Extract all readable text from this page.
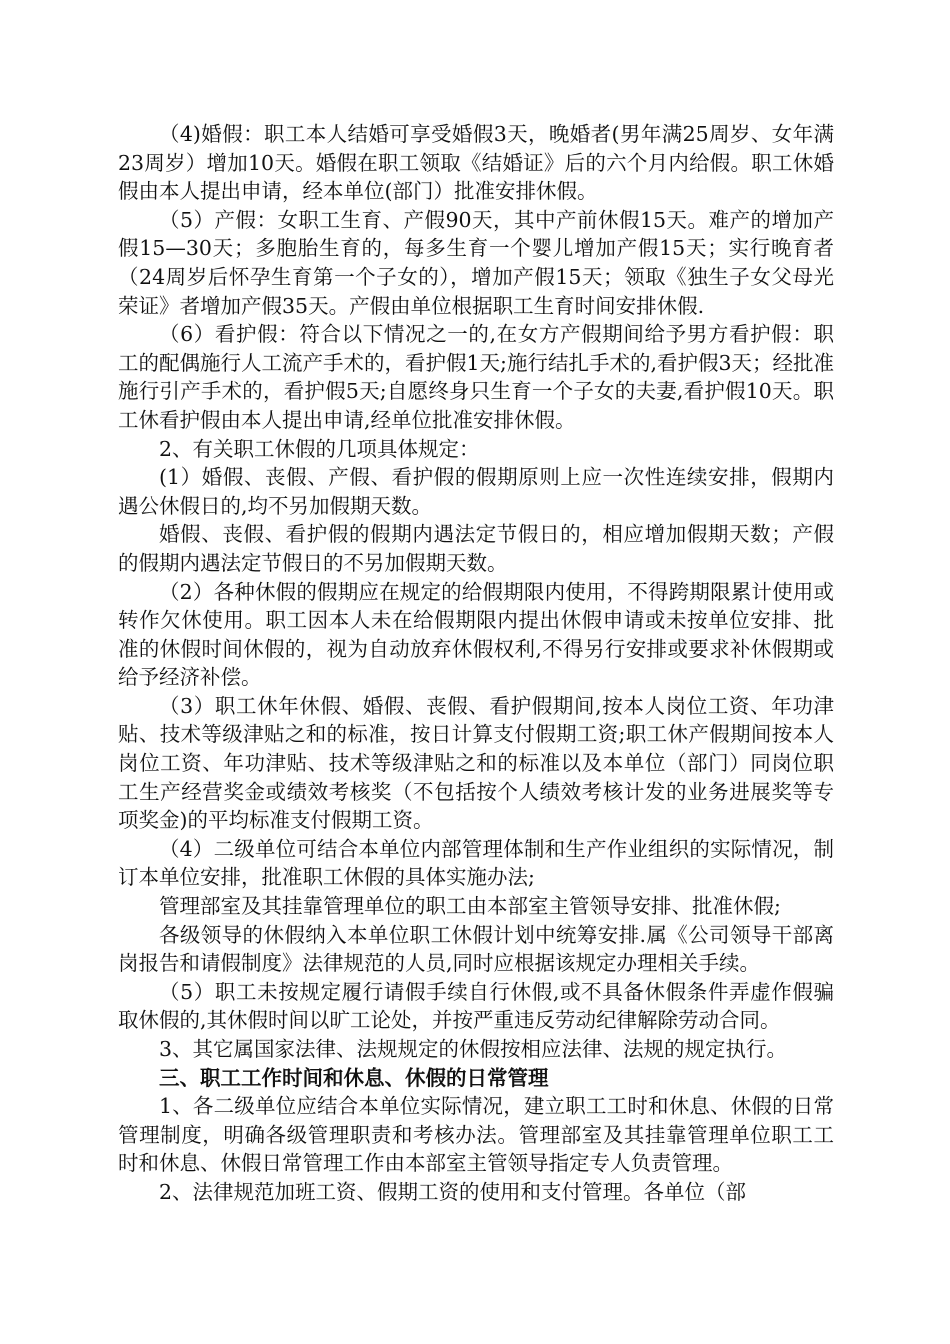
（4)婚假：职工本人结婚可享受婚假3天，晚婚者(男年满25周岁、女年满23周岁）增加10天。婚假在职工领取《结婚证》后的六个月内给假。职工休婚假由本人提出申请，经本单位(部门）批准安排休假。

（5）产假：女职工生育、产假90天，其中产前休假15天。难产的增加产假15—30天；多胞胎生育的，每多生育一个婴儿增加产假15天；实行晚育者（24周岁后怀孕生育第一个子女的），增加产假15天；领取《独生子女父母光荣证》者增加产假35天。产假由单位根据职工生育时间安排休假.

（6）看护假：符合以下情况之一的,在女方产假期间给予男方看护假：职工的配偶施行人工流产手术的，看护假1天;施行结扎手术的,看护假3天；经批准施行引产手术的，看护假5天;自愿终身只生育一个子女的夫妻,看护假10天。职工休看护假由本人提出申请,经单位批准安排休假。

2、有关职工休假的几项具体规定：

(1）婚假、丧假、产假、看护假的假期原则上应一次性连续安排，假期内遇公休假日的,均不另加假期天数。

婚假、丧假、看护假的假期内遇法定节假日的，相应增加假期天数；产假的假期内遇法定节假日的不另加假期天数。

（2）各种休假的假期应在规定的给假期限内使用，不得跨期限累计使用或转作欠休使用。职工因本人未在给假期限内提出休假申请或未按单位安排、批准的休假时间休假的，视为自动放弃休假权利,不得另行安排或要求补休假期或给予经济补偿。

（3）职工休年休假、婚假、丧假、看护假期间,按本人岗位工资、年功津贴、技术等级津贴之和的标准，按日计算支付假期工资;职工休产假期间按本人岗位工资、年功津贴、技术等级津贴之和的标准以及本单位（部门）同岗位职工生产经营奖金或绩效考核奖（不包括按个人绩效考核计发的业务进展奖等专项奖金)的平均标准支付假期工资。

（4）二级单位可结合本单位内部管理体制和生产作业组织的实际情况，制订本单位安排，批准职工休假的具体实施办法;

管理部室及其挂靠管理单位的职工由本部室主管领导安排、批准休假;

各级领导的休假纳入本单位职工休假计划中统筹安排.属《公司领导干部离岗报告和请假制度》法律规范的人员,同时应根据该规定办理相关手续。

（5）职工未按规定履行请假手续自行休假,或不具备休假条件弄虚作假骗取休假的,其休假时间以旷工论处，并按严重违反劳动纪律解除劳动合同。

3、其它属国家法律、法规规定的休假按相应法律、法规的规定执行。

三、职工工作时间和休息、休假的日常管理

1、各二级单位应结合本单位实际情况，建立职工工时和休息、休假的日常管理制度，明确各级管理职责和考核办法。管理部室及其挂靠管理单位职工工时和休息、休假日常管理工作由本部室主管领导指定专人负责管理。

2、法律规范加班工资、假期工资的使用和支付管理。各单位（部
